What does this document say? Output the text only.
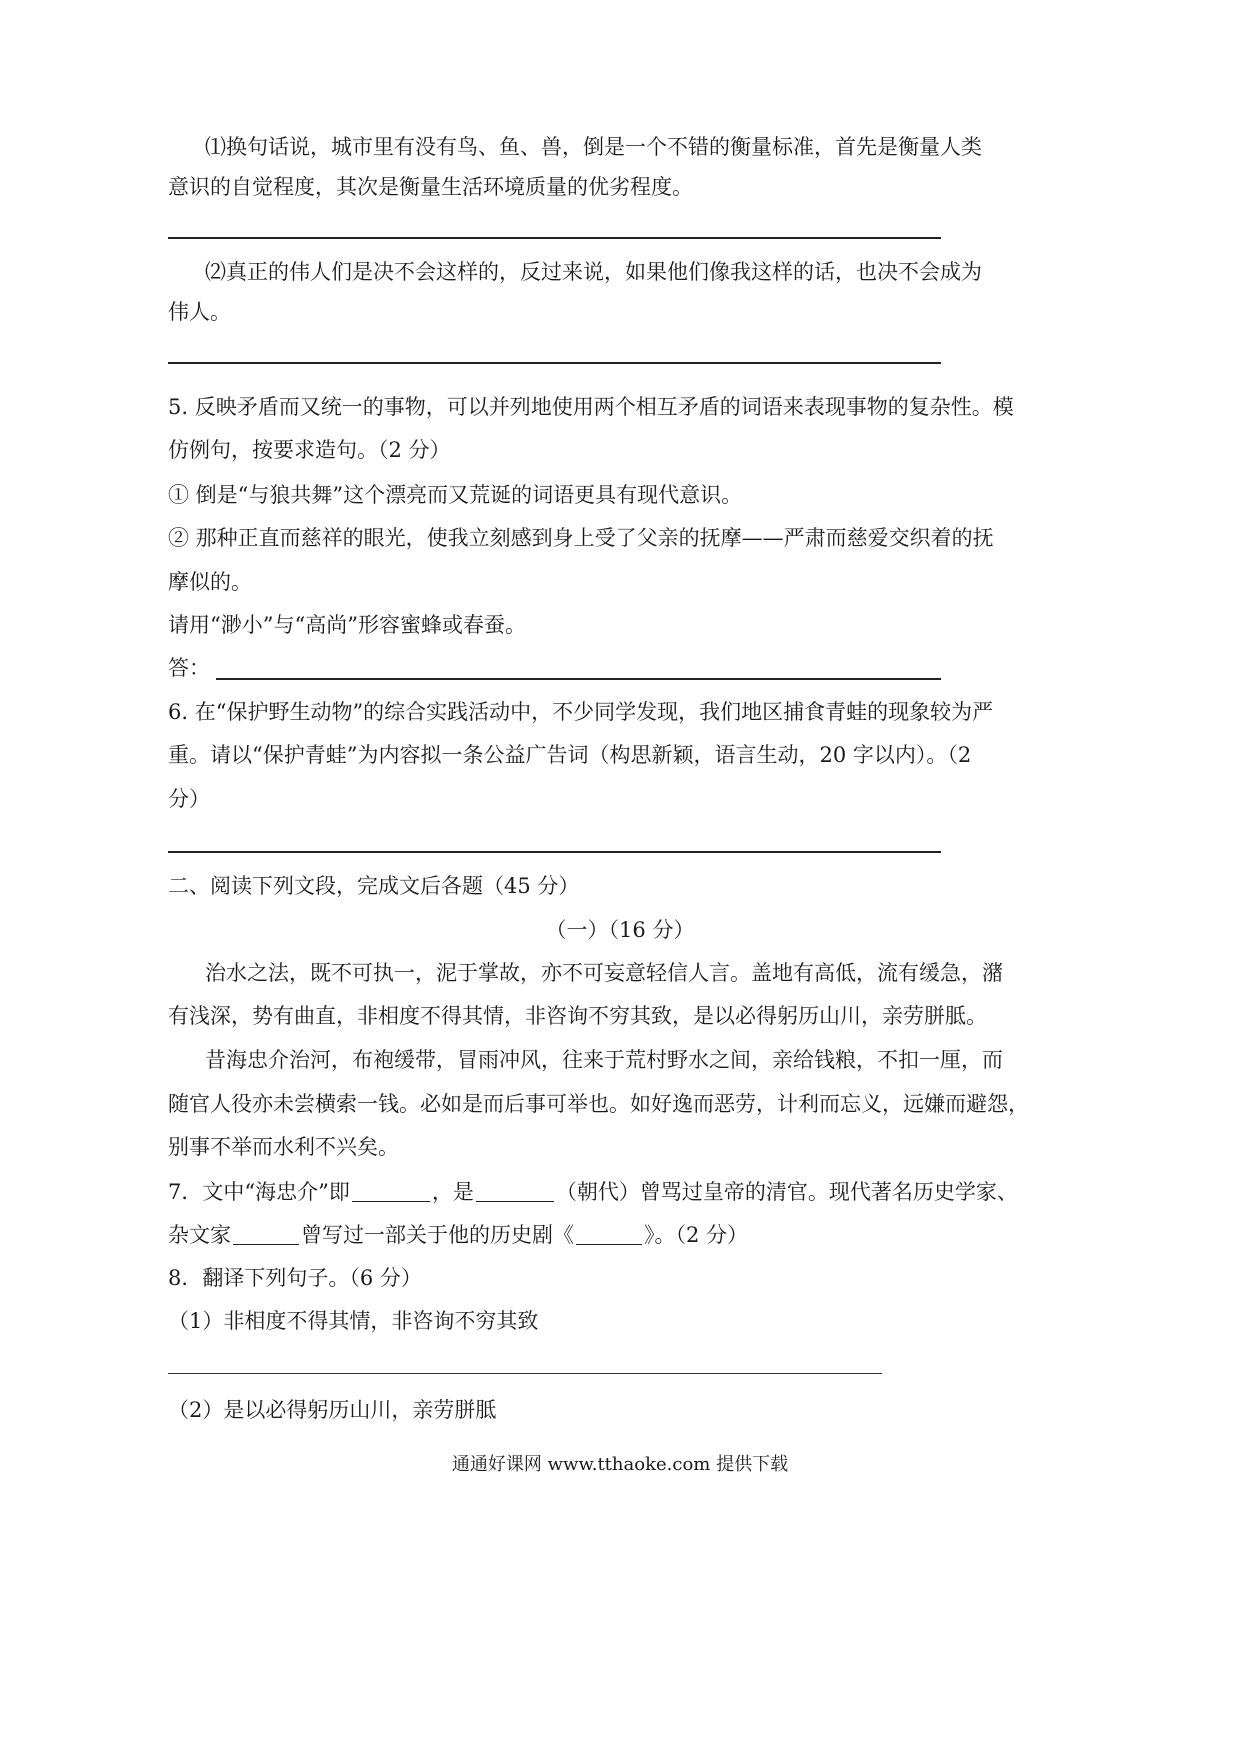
⑴换句话说，城市里有没有鸟、鱼、兽，倒是一个不错的衡量标准，首先是衡量人类
意识的自觉程度，其次是衡量生活环境质量的优劣程度。
⑵真正的伟人们是决不会这样的，反过来说，如果他们像我这样的话，也决不会成为
伟人。
5. 反映矛盾而又统一的事物，可以并列地使用两个相互矛盾的词语来表现事物的复杂性。模
仿例句，按要求造句。（2 分）
① 倒是“与狼共舞”这个漂亮而又荒诞的词语更具有现代意识。
② 那种正直而慈祥的眼光，使我立刻感到身上受了父亲的抚摩——严肃而慈爱交织着的抚
摩似的。
请用“渺小”与“高尚”形容蜜蜂或春蚕。
答：
6. 在“保护野生动物”的综合实践活动中，不少同学发现，我们地区捕食青蛙的现象较为严
重。请以“保护青蛙”为内容拟一条公益广告词（构思新颖，语言生动，20 字以内）。（2
分）
二、阅读下列文段，完成文后各题（45 分）
（一）（16 分）
治水之法，既不可执一，泥于掌故，亦不可妄意轻信人言。盖地有高低，流有缓急，潴
有浅深，势有曲直，非相度不得其情，非咨询不穷其致，是以必得躬历山川，亲劳胼胝。
昔海忠介治河，布袍缓带，冒雨冲风，往来于荒村野水之间，亲给钱粮，不扣一厘，而
随官人役亦未尝横索一钱。必如是而后事可举也。如好逸而恶劳，计利而忘义，远嫌而避怨，
别事不举而水利不兴矣。
7．文中“海忠介”即	，是	（朝代）曾骂过皇帝的清官。现代著名历史学家、
杂文家	曾写过一部关于他的历史剧《	》。（2 分）
8．翻译下列句子。（6 分）
（1）非相度不得其情，非咨询不穷其致
（2）是以必得躬历山川，亲劳胼胝
通通好课网 www.tthaoke.com 提供下载
